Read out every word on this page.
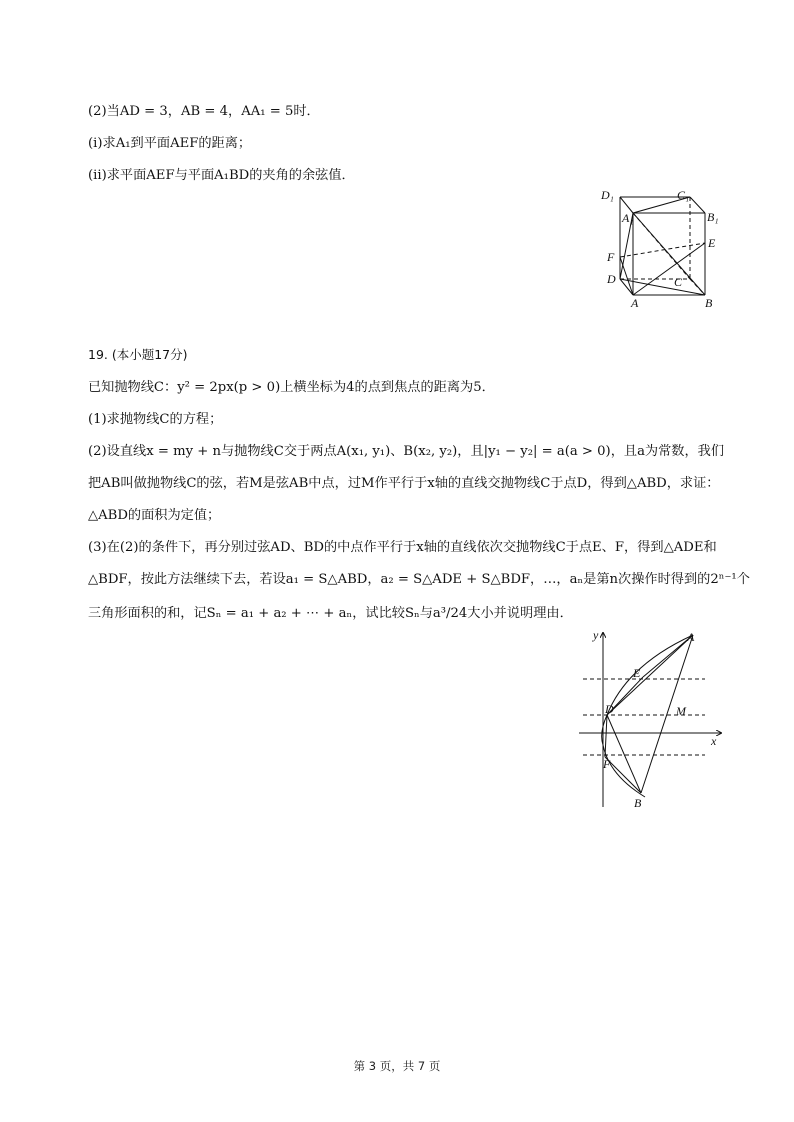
(2)当AD = 3，AB = 4，AA₁ = 5时．
(i)求A₁到平面AEF的距离；
(ii)求平面AEF与平面A₁BD的夹角的余弦值．
D₁	C₁
A₁	B₁
E
F
D	C
A	B
19. (本小题17分)
已知抛物线C：y² = 2px(p > 0)上横坐标为4的点到焦点的距离为5．
(1)求抛物线C的方程；
(2)设直线x = my + n与抛物线C交于两点A(x₁, y₁)、B(x₂, y₂)，且|y₁ − y₂| = a(a > 0)，且a为常数，我们
把AB叫做抛物线C的弦，若M是弦AB中点，过M作平行于x轴的直线交抛物线C于点D，得到△ABD，求证：
△ABD的面积为定值；
(3)在(2)的条件下，再分别过弦AD、BD的中点作平行于x轴的直线依次交抛物线C于点E、F，得到△ADE和
△BDF，按此方法继续下去，若设a₁ = S△ABD，a₂ = S△ADE + S△BDF，…，aₙ是第n次操作时得到的2ⁿ⁻¹个
三角形面积的和，记Sₙ = a₁ + a₂ + ⋯ + aₙ，试比较Sₙ与a³/24大小并说明理由．
y
x
A
E
D	M
F
B
第 3 页，共 7 页
